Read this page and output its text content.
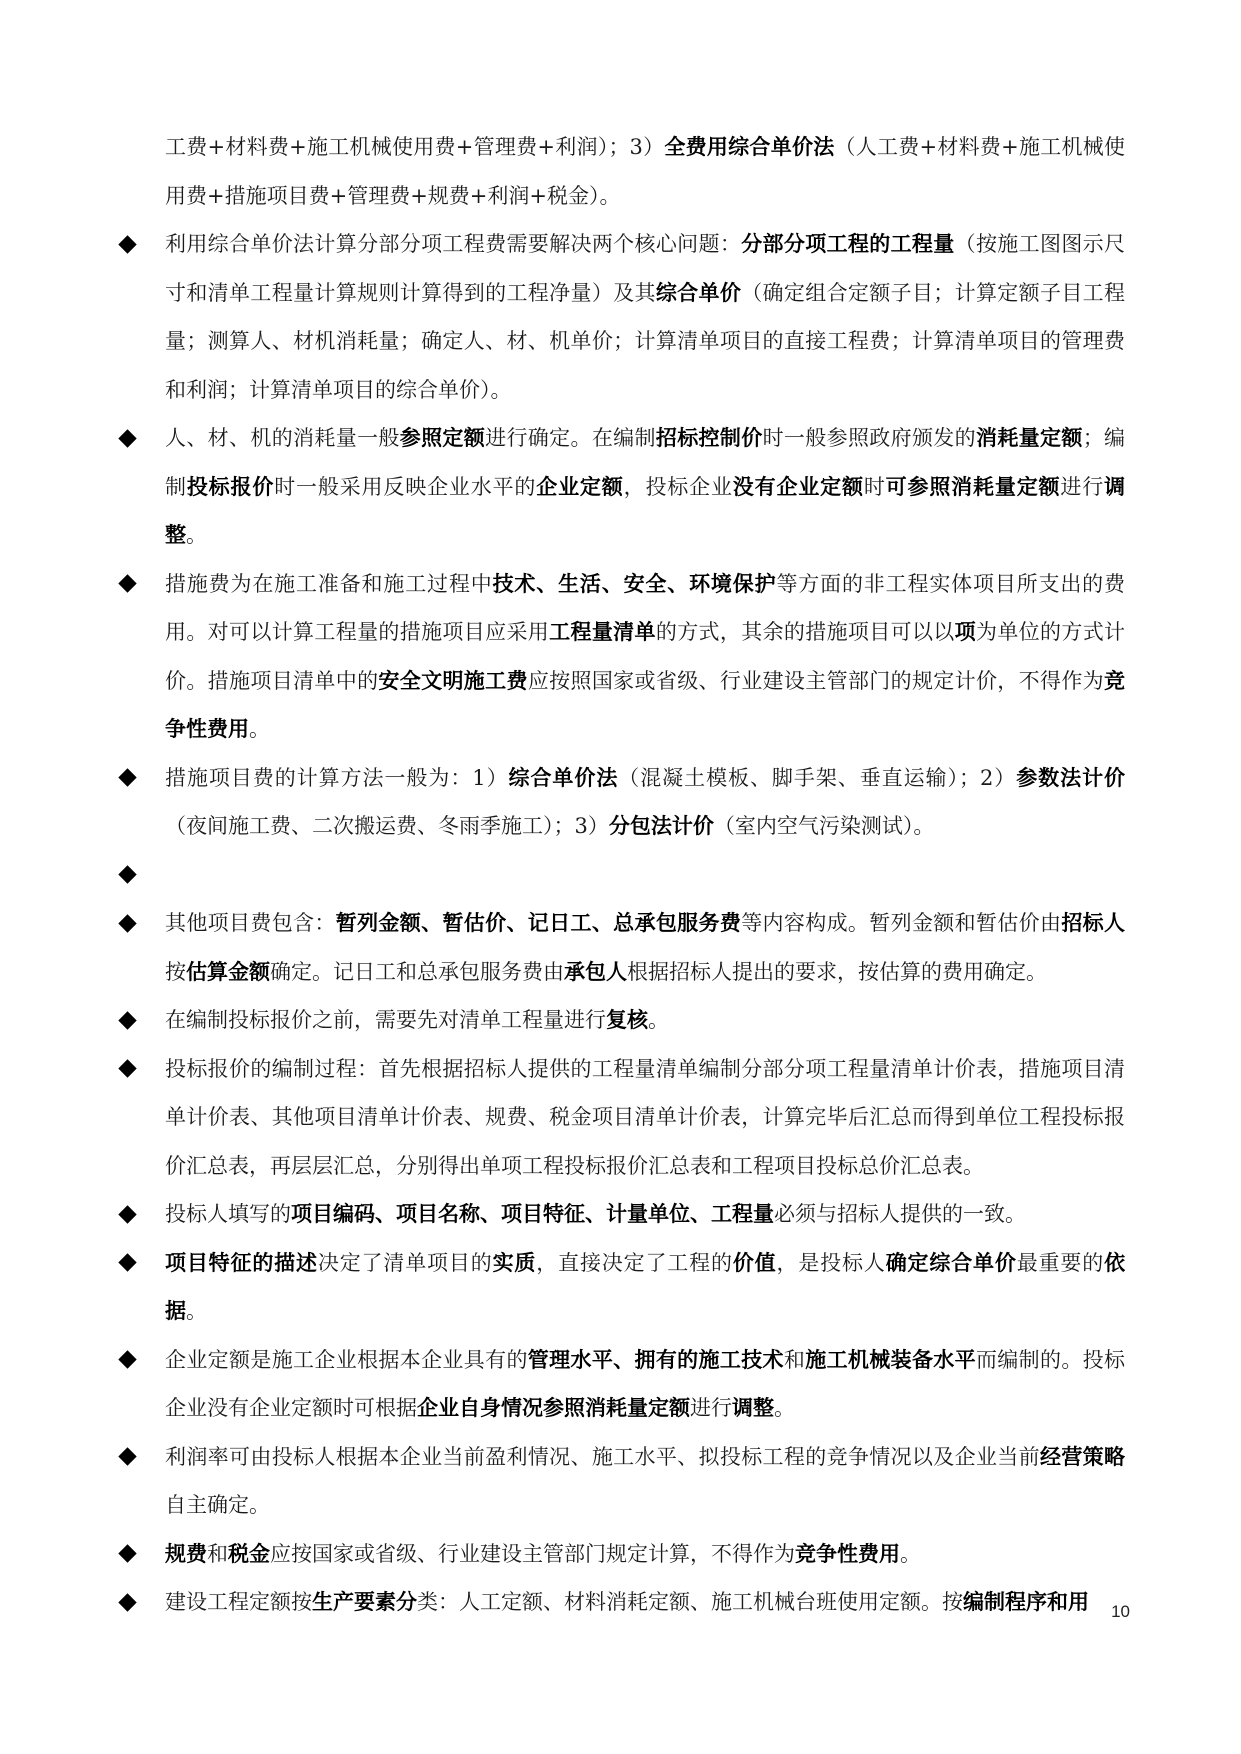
工费+材料费+施工机械使用费+管理费+利润）；3）全费用综合单价法（人工费+材料费+施工机械使用费+措施项目费+管理费+规费+利润+税金）。

利用综合单价法计算分部分项工程费需要解决两个核心问题：分部分项工程的工程量（按施工图图示尺寸和清单工程量计算规则计算得到的工程净量）及其综合单价（确定组合定额子目；计算定额子目工程量；测算人、材机消耗量；确定人、材、机单价；计算清单项目的直接工程费；计算清单项目的管理费和利润；计算清单项目的综合单价）。

人、材、机的消耗量一般参照定额进行确定。在编制招标控制价时一般参照政府颁发的消耗量定额；编制投标报价时一般采用反映企业水平的企业定额，投标企业没有企业定额时可参照消耗量定额进行调整。

措施费为在施工准备和施工过程中技术、生活、安全、环境保护等方面的非工程实体项目所支出的费用。对可以计算工程量的措施项目应采用工程量清单的方式，其余的措施项目可以以项为单位的方式计价。措施项目清单中的安全文明施工费应按照国家或省级、行业建设主管部门的规定计价，不得作为竞争性费用。

措施项目费的计算方法一般为：1）综合单价法（混凝土模板、脚手架、垂直运输）；2）参数法计价（夜间施工费、二次搬运费、冬雨季施工）；3）分包法计价（室内空气污染测试）。

其他项目费包含：暂列金额、暂估价、记日工、总承包服务费等内容构成。暂列金额和暂估价由招标人按估算金额确定。记日工和总承包服务费由承包人根据招标人提出的要求，按估算的费用确定。

在编制投标报价之前，需要先对清单工程量进行复核。

投标报价的编制过程：首先根据招标人提供的工程量清单编制分部分项工程量清单计价表，措施项目清单计价表、其他项目清单计价表、规费、税金项目清单计价表，计算完毕后汇总而得到单位工程投标报价汇总表，再层层汇总，分别得出单项工程投标报价汇总表和工程项目投标总价汇总表。

投标人填写的项目编码、项目名称、项目特征、计量单位、工程量必须与招标人提供的一致。

项目特征的描述决定了清单项目的实质，直接决定了工程的价值，是投标人确定综合单价最重要的依据。

企业定额是施工企业根据本企业具有的管理水平、拥有的施工技术和施工机械装备水平而编制的。投标企业没有企业定额时可根据企业自身情况参照消耗量定额进行调整。

利润率可由投标人根据本企业当前盈利情况、施工水平、拟投标工程的竞争情况以及企业当前经营策略自主确定。

规费和税金应按国家或省级、行业建设主管部门规定计算，不得作为竞争性费用。

建设工程定额按生产要素分类：人工定额、材料消耗定额、施工机械台班使用定额。按编制程序和用	10
